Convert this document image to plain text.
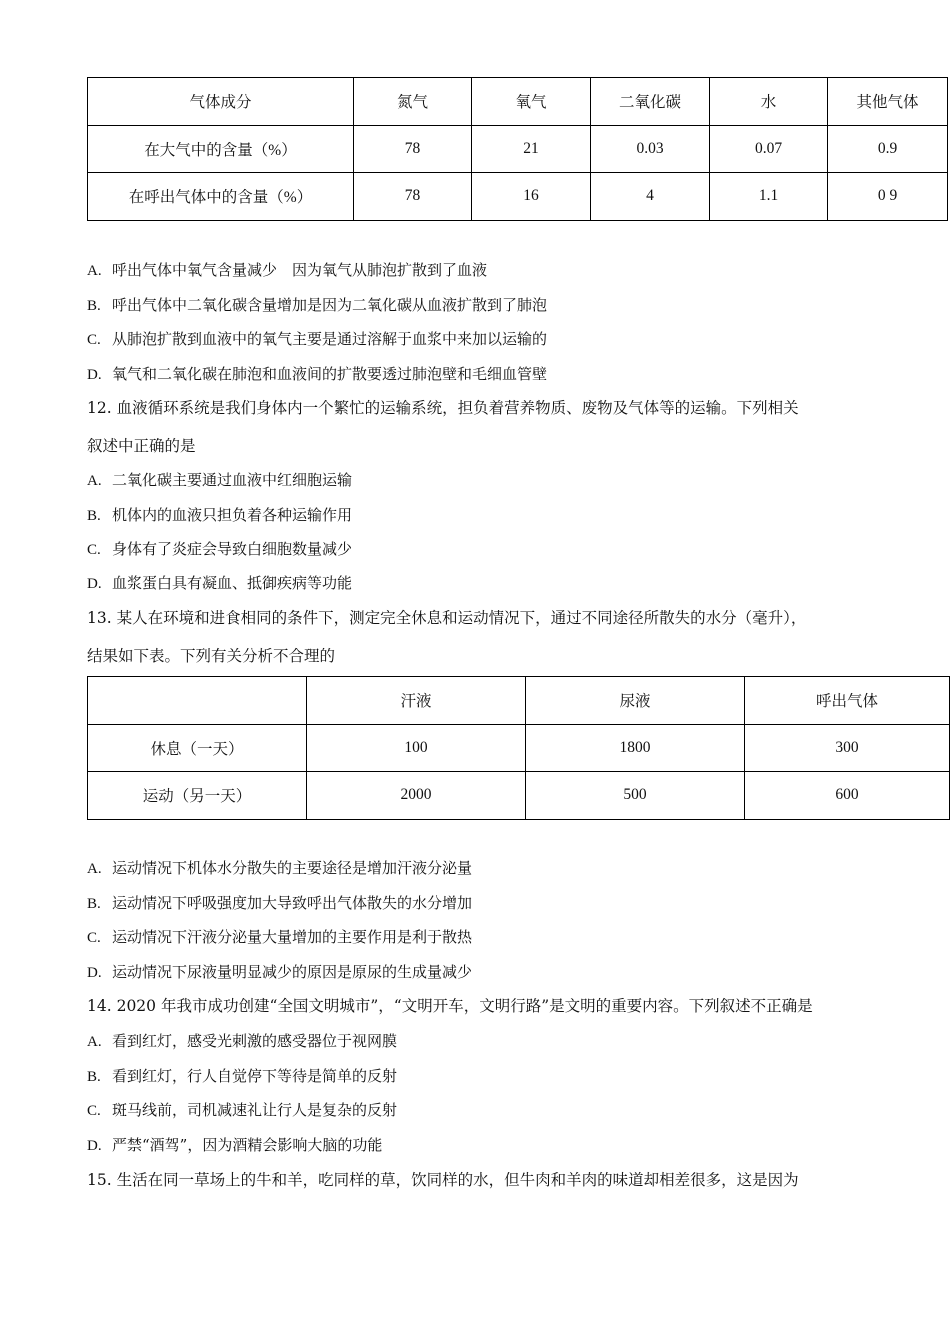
气体成分	氮气	氧气	二氧化碳	水	其他气体
在大气中的含量（%）	78	21	0.03	0.07	0.9
在呼出气体中的含量（%）	78	16	4	1.1	0 9
A. 呼出气体中氧气含量减少　因为氧气从肺泡扩散到了血液
B. 呼出气体中二氧化碳含量增加是因为二氧化碳从血液扩散到了肺泡
C. 从肺泡扩散到血液中的氧气主要是通过溶解于血浆中来加以运输的
D. 氧气和二氧化碳在肺泡和血液间的扩散要透过肺泡壁和毛细血管壁
12. 血液循环系统是我们身体内一个繁忙的运输系统，担负着营养物质、废物及气体等的运输。下列相关
叙述中正确的是
A. 二氧化碳主要通过血液中红细胞运输
B. 机体内的血液只担负着各种运输作用
C. 身体有了炎症会导致白细胞数量减少
D. 血浆蛋白具有凝血、抵御疾病等功能
13. 某人在环境和进食相同的条件下，测定完全休息和运动情况下，通过不同途径所散失的水分（毫升），
结果如下表。下列有关分析不合理的
	汗液	尿液	呼出气体
休息（一天）	100	1800	300
运动（另一天）	2000	500	600
A. 运动情况下机体水分散失的主要途径是增加汗液分泌量
B. 运动情况下呼吸强度加大导致呼出气体散失的水分增加
C. 运动情况下汗液分泌量大量增加的主要作用是利于散热
D. 运动情况下尿液量明显减少的原因是原尿的生成量减少
14. 2020 年我市成功创建“全国文明城市”，“文明开车，文明行路”是文明的重要内容。下列叙述不正确是
A. 看到红灯，感受光刺激的感受器位于视网膜
B. 看到红灯，行人自觉停下等待是简单的反射
C. 斑马线前，司机减速礼让行人是复杂的反射
D. 严禁“酒驾”，因为酒精会影响大脑的功能
15. 生活在同一草场上的牛和羊，吃同样的草，饮同样的水，但牛肉和羊肉的味道却相差很多，这是因为
